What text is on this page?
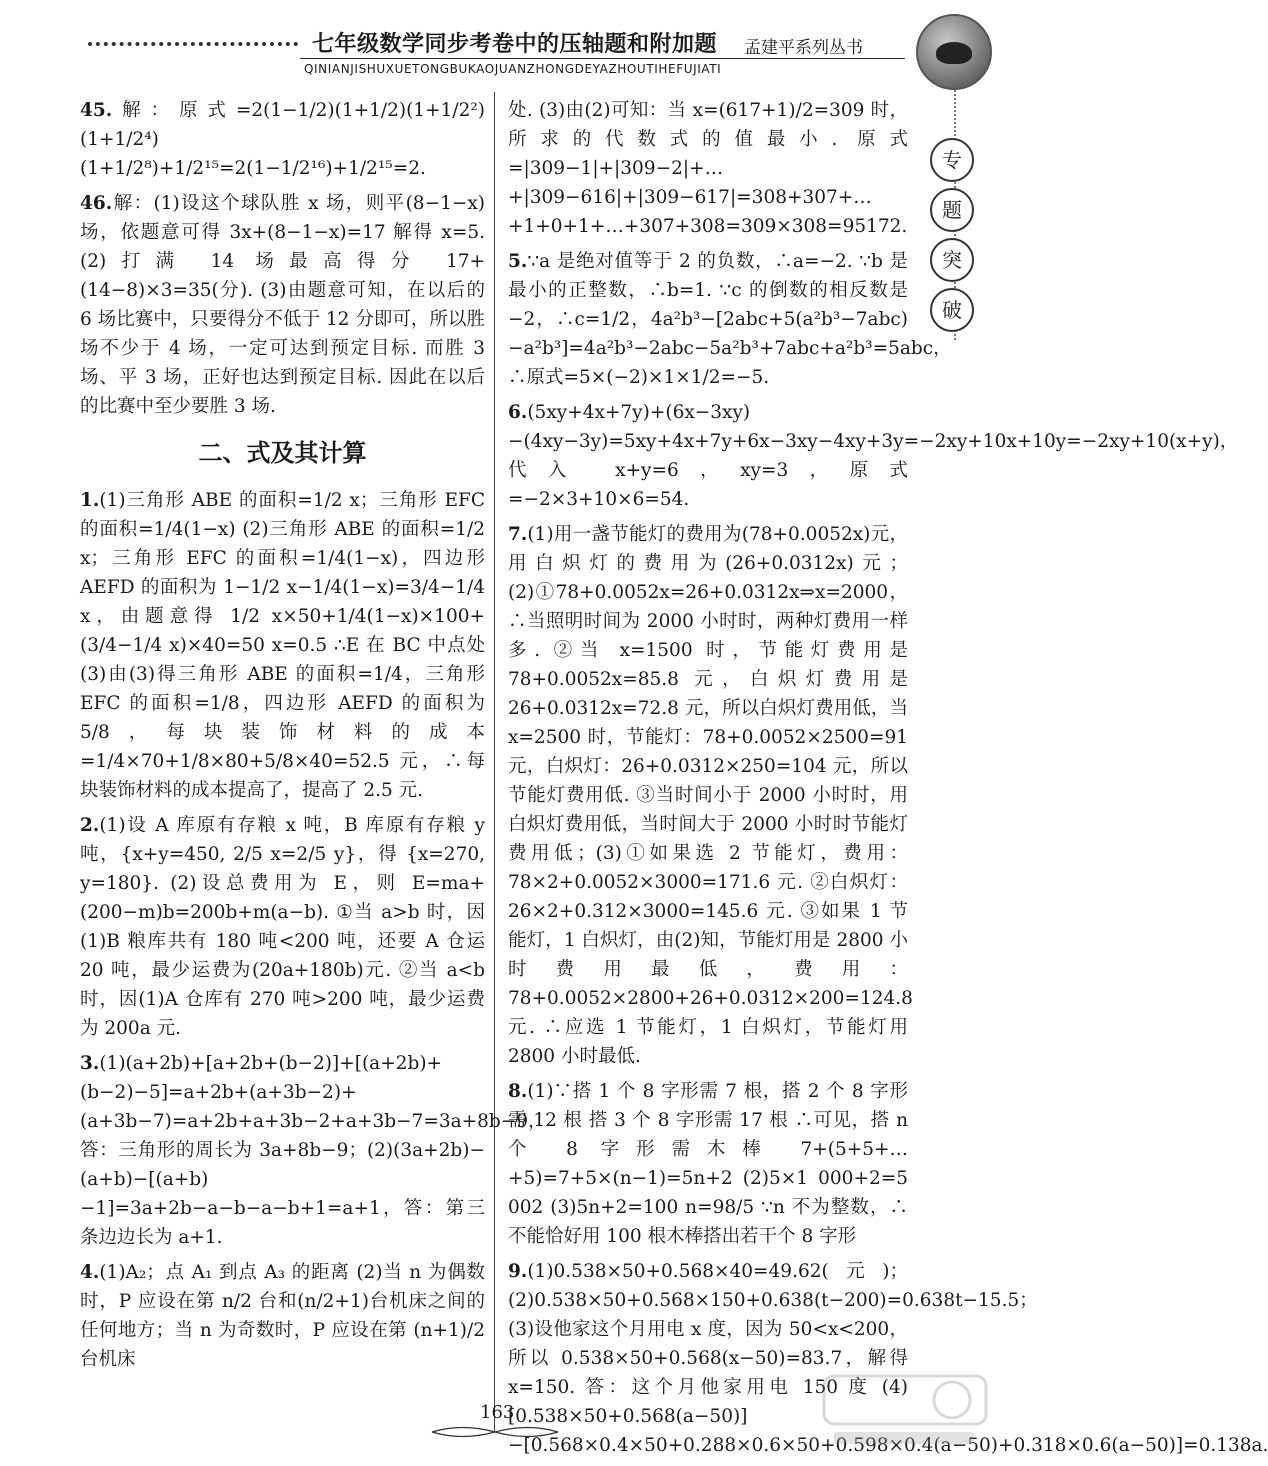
七年级数学同步考卷中的压轴题和附加题 孟建平系列丛书
QINIANJISHUXUETONGBUKAOJUANZHONGDEYAZHOUTIHEFUJIATI
专
题
突
破

45.解：原式=2(1−1/2)(1+1/2)(1+1/2²)(1+1/2⁴)(1+1/2⁸)+1/2¹⁵=2(1−1/2¹⁶)+1/2¹⁵=2.

46.解：(1)设这个球队胜 x 场，则平(8−1−x)场，依题意可得 3x+(8−1−x)=17 解得 x=5. (2)打满 14 场最高得分 17+(14−8)×3=35(分). (3)由题意可知，在以后的 6 场比赛中，只要得分不低于 12 分即可，所以胜场不少于 4 场，一定可达到预定目标. 而胜 3 场、平 3 场，正好也达到预定目标. 因此在以后的比赛中至少要胜 3 场.

二、式及其计算

1.(1)三角形 ABE 的面积=1/2 x；三角形 EFC 的面积=1/4(1−x) (2)三角形 ABE 的面积=1/2 x；三角形 EFC 的面积=1/4(1−x)，四边形 AEFD 的面积为 1−1/2 x−1/4(1−x)=3/4−1/4 x，由题意得 1/2 x×50+1/4(1−x)×100+(3/4−1/4 x)×40=50 x=0.5 ∴E 在 BC 中点处 (3)由(3)得三角形 ABE 的面积=1/4，三角形 EFC 的面积=1/8，四边形 AEFD 的面积为 5/8，每块装饰材料的成本=1/4×70+1/8×80+5/8×40=52.5 元，∴每块装饰材料的成本提高了，提高了 2.5 元.

2.(1)设 A 库原有存粮 x 吨，B 库原有存粮 y 吨，{x+y=450, 2/5 x=2/5 y}，得 {x=270, y=180}. (2)设总费用为 E，则 E=ma+(200−m)b=200b+m(a−b). ①当 a>b 时，因(1)B 粮库共有 180 吨<200 吨，还要 A 仓运 20 吨，最少运费为(20a+180b)元. ②当 a<b 时，因(1)A 仓库有 270 吨>200 吨，最少运费为 200a 元.

3.(1)(a+2b)+[a+2b+(b−2)]+[(a+2b)+(b−2)−5]=a+2b+(a+3b−2)+(a+3b−7)=a+2b+a+3b−2+a+3b−7=3a+8b−9，答：三角形的周长为 3a+8b−9；(2)(3a+2b)−(a+b)−[(a+b)−1]=3a+2b−a−b−a−b+1=a+1，答：第三条边边长为 a+1.

4.(1)A₂；点 A₁ 到点 A₃ 的距离 (2)当 n 为偶数时，P 应设在第 n/2 台和(n/2+1)台机床之间的任何地方；当 n 为奇数时，P 应设在第 (n+1)/2 台机床

处. (3)由(2)可知：当 x=(617+1)/2=309 时，所求的代数式的值最小. 原式=|309−1|+|309−2|+…+|309−616|+|309−617|=308+307+…+1+0+1+…+307+308=309×308=95172.

5.∵a 是绝对值等于 2 的负数，∴a=−2. ∵b 是最小的正整数，∴b=1. ∵c 的倒数的相反数是 −2，∴c=1/2，4a²b³−[2abc+5(a²b³−7abc)−a²b³]=4a²b³−2abc−5a²b³+7abc+a²b³=5abc，∴原式=5×(−2)×1×1/2=−5.

6.(5xy+4x+7y)+(6x−3xy)−(4xy−3y)=5xy+4x+7y+6x−3xy−4xy+3y=−2xy+10x+10y=−2xy+10(x+y)，代入 x+y=6，xy=3，原式=−2×3+10×6=54.

7.(1)用一盏节能灯的费用为(78+0.0052x)元，用白炽灯的费用为(26+0.0312x)元；(2)①78+0.0052x=26+0.0312x⇒x=2000，∴当照明时间为 2000 小时时，两种灯费用一样多. ②当 x=1500 时，节能灯费用是 78+0.0052x=85.8 元，白炽灯费用是 26+0.0312x=72.8 元，所以白炽灯费用低，当 x=2500 时，节能灯：78+0.0052×2500=91 元，白炽灯：26+0.0312×250=104 元，所以节能灯费用低. ③当时间小于 2000 小时时，用白炽灯费用低，当时间大于 2000 小时时节能灯费用低；(3)①如果选 2 节能灯，费用：78×2+0.0052×3000=171.6 元. ②白炽灯：26×2+0.312×3000=145.6 元. ③如果 1 节能灯，1 白炽灯，由(2)知，节能灯用是 2800 小时费用最低，费用：78+0.0052×2800+26+0.0312×200=124.8 元. ∴应选 1 节能灯，1 白炽灯，节能灯用 2800 小时最低.

8.(1)∵搭 1 个 8 字形需 7 根，搭 2 个 8 字形需 12 根 搭 3 个 8 字形需 17 根 ∴可见，搭 n 个 8 字形需木棒 7+(5+5+…+5)=7+5×(n−1)=5n+2 (2)5×1 000+2=5 002 (3)5n+2=100 n=98/5 ∵n 不为整数，∴不能恰好用 100 根木棒搭出若干个 8 字形

9.(1)0.538×50+0.568×40=49.62(元)；(2)0.538×50+0.568×150+0.638(t−200)=0.638t−15.5；(3)设他家这个月用电 x 度，因为 50<x<200，所以 0.538×50+0.568(x−50)=83.7，解得 x=150. 答：这个月他家用电 150 度 (4)[0.538×50+0.568(a−50)]−[0.568×0.4×50+0.288×0.6×50+0.598×0.4(a−50)+0.318×0.6(a−50)]=0.138a.

163
